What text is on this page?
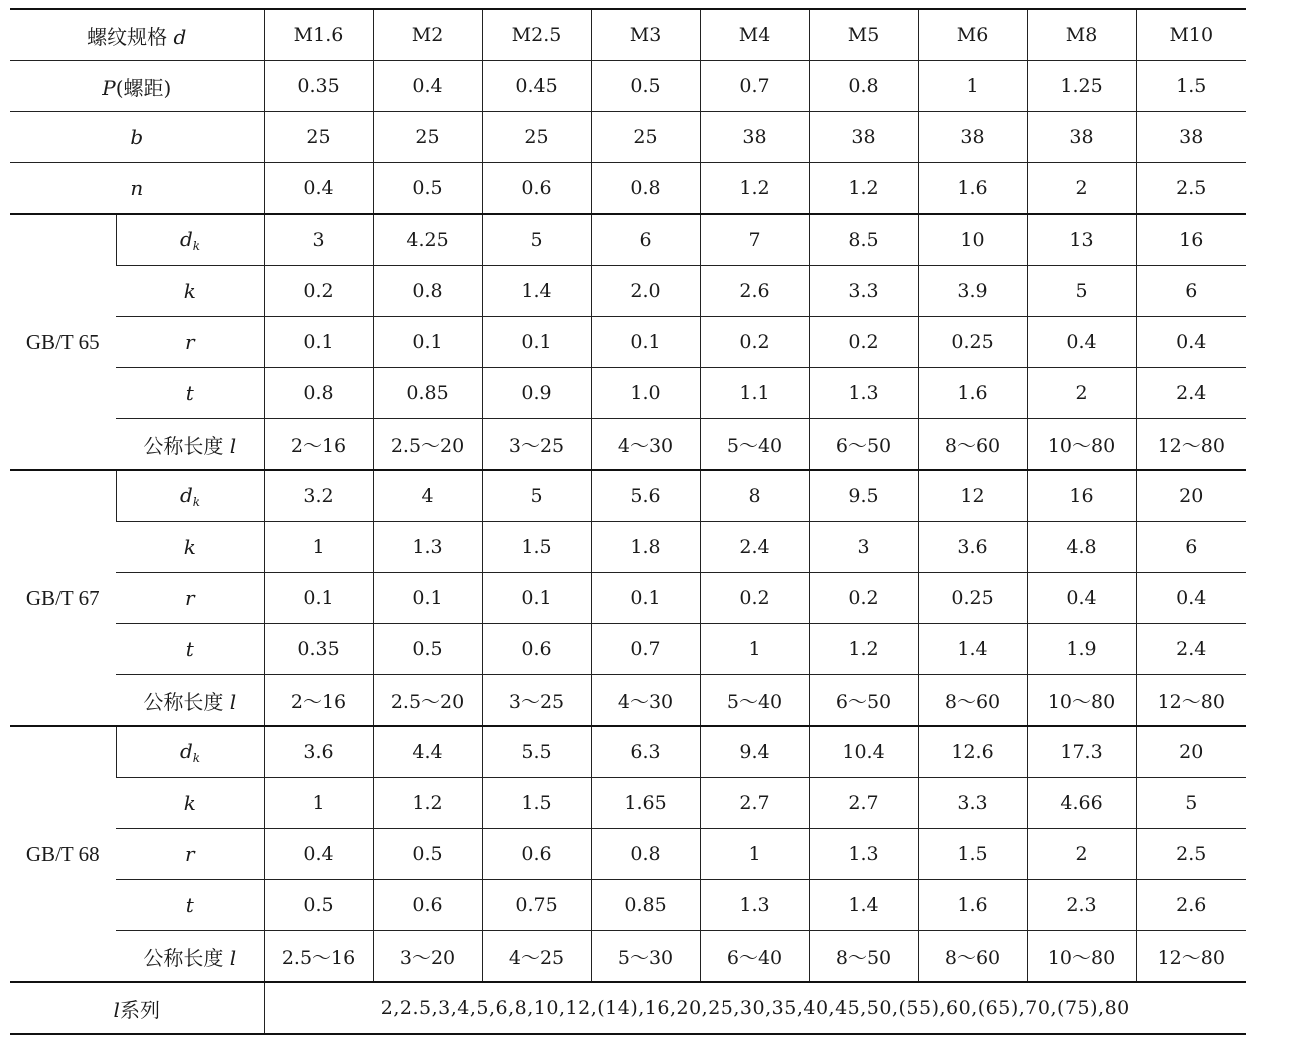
螺纹规格 d		M1.6	M2	M2.5	M3	M4	M5	M6	M8	M10
P(螺距)		0.35	0.4	0.45	0.5	0.7	0.8	1	1.25	1.5
b		25	25	25	25	38	38	38	38	38
n		0.4	0.5	0.6	0.8	1.2	1.2	1.6	2	2.5
GB/T 65	$d_k$	3	4.25	5	6	7	8.5	10	13	16
	k	0.2	0.8	1.4	2.0	2.6	3.3	3.9	5	6
	r	0.1	0.1	0.1	0.1	0.2	0.2	0.25	0.4	0.4
	t	0.8	0.85	0.9	1.0	1.1	1.3	1.6	2	2.4
	公称长度 l	2～16	2.5～20	3～25	4～30	5～40	6～50	8～60	10～80	12～80
GB/T 67	$d_k$	3.2	4	5	5.6	8	9.5	12	16	20
	k	1	1.3	1.5	1.8	2.4	3	3.6	4.8	6
	r	0.1	0.1	0.1	0.1	0.2	0.2	0.25	0.4	0.4
	t	0.35	0.5	0.6	0.7	1	1.2	1.4	1.9	2.4
	公称长度 l	2～16	2.5～20	3～25	4～30	5～40	6～50	8～60	10～80	12～80
GB/T 68	$d_k$	3.6	4.4	5.5	6.3	9.4	10.4	12.6	17.3	20
	k	1	1.2	1.5	1.65	2.7	2.7	3.3	4.66	5
	r	0.4	0.5	0.6	0.8	1	1.3	1.5	2	2.5
	t	0.5	0.6	0.75	0.85	1.3	1.4	1.6	2.3	2.6
	公称长度 l	2.5～16	3～20	4～25	5～30	6～40	8～50	8～60	10～80	12～80
l系列		2,2.5,3,4,5,6,8,10,12,(14),16,20,25,30,35,40,45,50,(55),60,(65),70,(75),80								
